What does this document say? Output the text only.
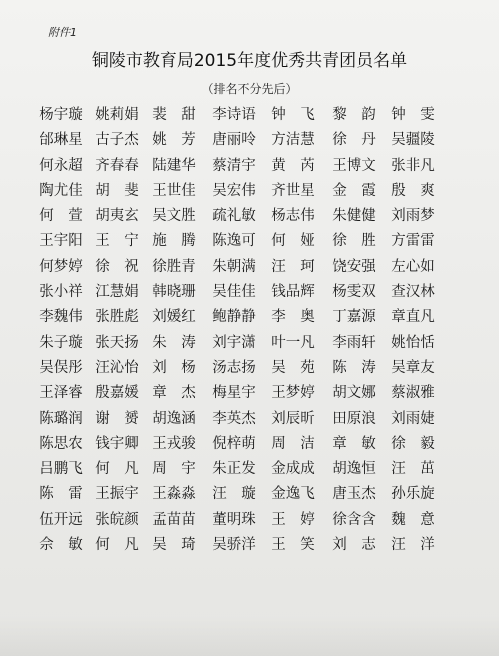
附件1
铜陵市教育局2015年度优秀共青团员名单
（排名不分先后）
杨宇璇 姚莉娟 裴　甜	李诗语	钟　飞	黎　韵	钟　雯
邰琳星 古子杰 姚　芳	唐丽呤	方洁慧	徐　丹	吴疆陵
何永超 齐春春 陆建华	蔡清宇	黄　芮	王博文	张非凡
陶尤佳 胡　斐 王世佳	吴宏伟	齐世星	金　霞	殷　爽
何　萱 胡夷玄 吴文胜	疏礼敏	杨志伟	朱健健	刘雨梦
王宇阳 王　宁 施　腾	陈逸可	何　娅	徐　胜	方雷雷
何梦婷 徐　祝 徐胜青	朱朝满	汪　珂	饶安强	左心如
张小祥 江慧娟 韩晓珊	吴佳佳	钱品辉	杨雯双	查汉林
李魏伟 张胜彪 刘媛红	鲍静静	李　奥	丁嘉源	章直凡
朱子璇 张天扬 朱　涛	刘宇潇	叶一凡	李雨轩	姚怡恬
吴俣彤 汪沁怡 刘　杨	汤志扬	吴　苑	陈　涛	吴章友
王泽睿 殷嘉媛 章　杰	梅星宇	王梦婷	胡文娜	蔡淑雅
陈璐润 谢　赟 胡逸涵	李英杰	刘辰昕	田原浪	刘雨婕
陈思农 钱宇卿 王戎骏	倪梓萌	周　洁	章　敏	徐　毅
吕鹏飞 何　凡 周　宇	朱正发	金成成	胡逸恒	汪　茁
陈　雷 王振宇 王淼淼	汪　璇	金逸飞	唐玉杰	孙乐旋
伍开远 张皖颜 孟苗苗	董明珠	王　婷	徐含含	魏　意
佘　敏 何　凡 吴　琦	吴骄洋	王　笑	刘　志	汪　洋
